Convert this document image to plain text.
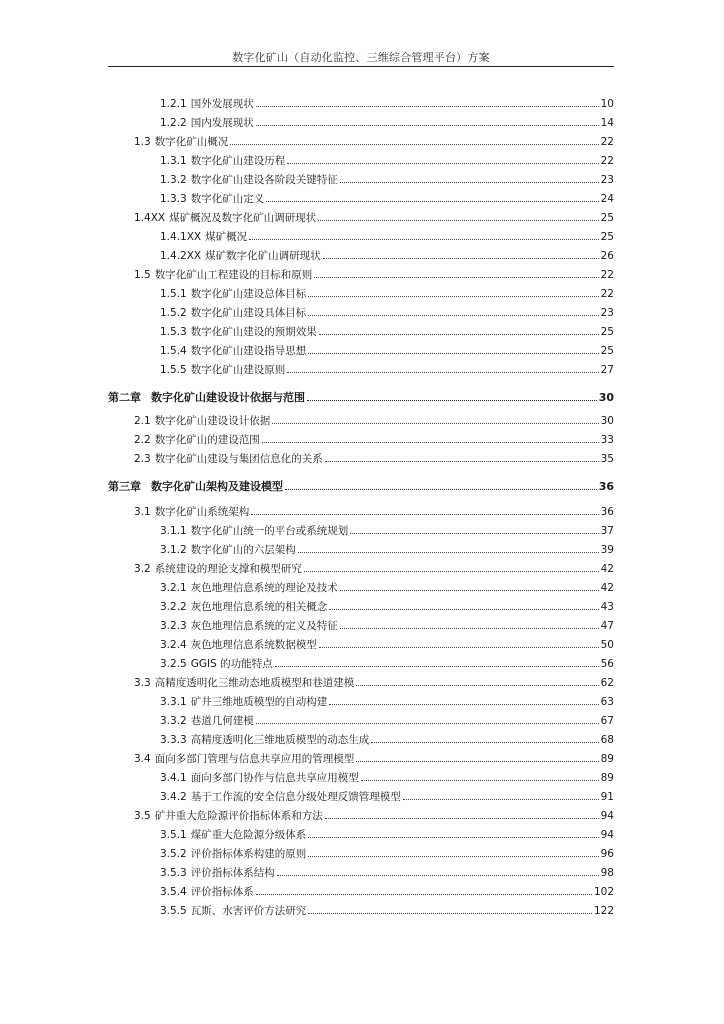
数字化矿山（自动化监控、三维综合管理平台）方案
1.2.1 国外发展现状	10
1.2.2 国内发展现状	14
1.3 数字化矿山概况	22
1.3.1 数字化矿山建设历程	22
1.3.2 数字化矿山建设各阶段关键特征	23
1.3.3 数字化矿山定义	24
1.4XX 煤矿概况及数字化矿山调研现状	25
1.4.1XX 煤矿概况	25
1.4.2XX 煤矿数字化矿山调研现状	26
1.5 数字化矿山工程建设的目标和原则	22
1.5.1 数字化矿山建设总体目标	22
1.5.2 数字化矿山建设具体目标	23
1.5.3 数字化矿山建设的预期效果	25
1.5.4 数字化矿山建设指导思想	25
1.5.5 数字化矿山建设原则	27
第二章 数字化矿山建设设计依据与范围	30
2.1 数字化矿山建设设计依据	30
2.2 数字化矿山的建设范围	33
2.3 数字化矿山建设与集团信息化的关系	35
第三章 数字化矿山架构及建设模型	36
3.1 数字化矿山系统架构	36
3.1.1 数字化矿山统一的平台或系统规划	37
3.1.2 数字化矿山的六层架构	39
3.2 系统建设的理论支撑和模型研究	42
3.2.1 灰色地理信息系统的理论及技术	42
3.2.2 灰色地理信息系统的相关概念	43
3.2.3 灰色地理信息系统的定义及特征	47
3.2.4 灰色地理信息系统数据模型	50
3.2.5 GGIS 的功能特点	56
3.3 高精度透明化三维动态地质模型和巷道建模	62
3.3.1 矿井三维地质模型的自动构建	63
3.3.2 巷道几何建模	67
3.3.3 高精度透明化三维地质模型的动态生成	68
3.4 面向多部门管理与信息共享应用的管理模型	89
3.4.1 面向多部门协作与信息共享应用模型	89
3.4.2 基于工作流的安全信息分级处理反馈管理模型	91
3.5 矿井重大危险源评价指标体系和方法	94
3.5.1 煤矿重大危险源分级体系	94
3.5.2 评价指标体系构建的原则	96
3.5.3 评价指标体系结构	98
3.5.4 评价指标体系	102
3.5.5 瓦斯、水害评价方法研究	122
